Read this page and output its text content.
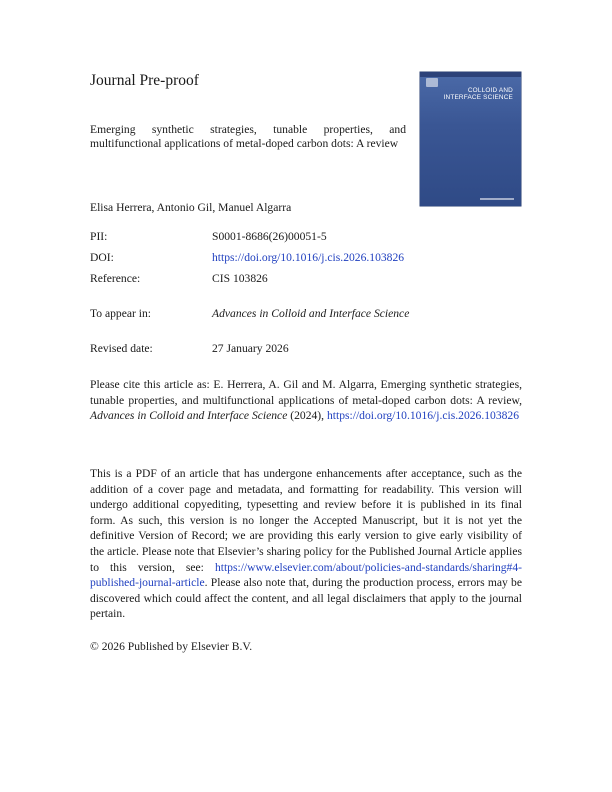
Journal Pre-proof
COLLOID AND INTERFACE SCIENCE
Emerging synthetic strategies, tunable properties, and multifunctional applications of metal-doped carbon dots: A review
Elisa Herrera, Antonio Gil, Manuel Algarra
PII:	S0001-8686(26)00051-5
DOI:	https://doi.org/10.1016/j.cis.2026.103826
Reference:	CIS 103826
To appear in:	Advances in Colloid and Interface Science
Revised date:	27 January 2026
Please cite this article as: E. Herrera, A. Gil and M. Algarra, Emerging synthetic strategies, tunable properties, and multifunctional applications of metal-doped carbon dots: A review, Advances in Colloid and Interface Science (2024), https://doi.org/10.1016/j.cis.2026.103826
This is a PDF of an article that has undergone enhancements after acceptance, such as the addition of a cover page and metadata, and formatting for readability. This version will undergo additional copyediting, typesetting and review before it is published in its final form. As such, this version is no longer the Accepted Manuscript, but it is not yet the definitive Version of Record; we are providing this early version to give early visibility of the article. Please note that Elsevier’s sharing policy for the Published Journal Article applies to this version, see: https://www.elsevier.com/about/policies-and-standards/sharing#4-published-journal-article. Please also note that, during the production process, errors may be discovered which could affect the content, and all legal disclaimers that apply to the journal pertain.
© 2026 Published by Elsevier B.V.
